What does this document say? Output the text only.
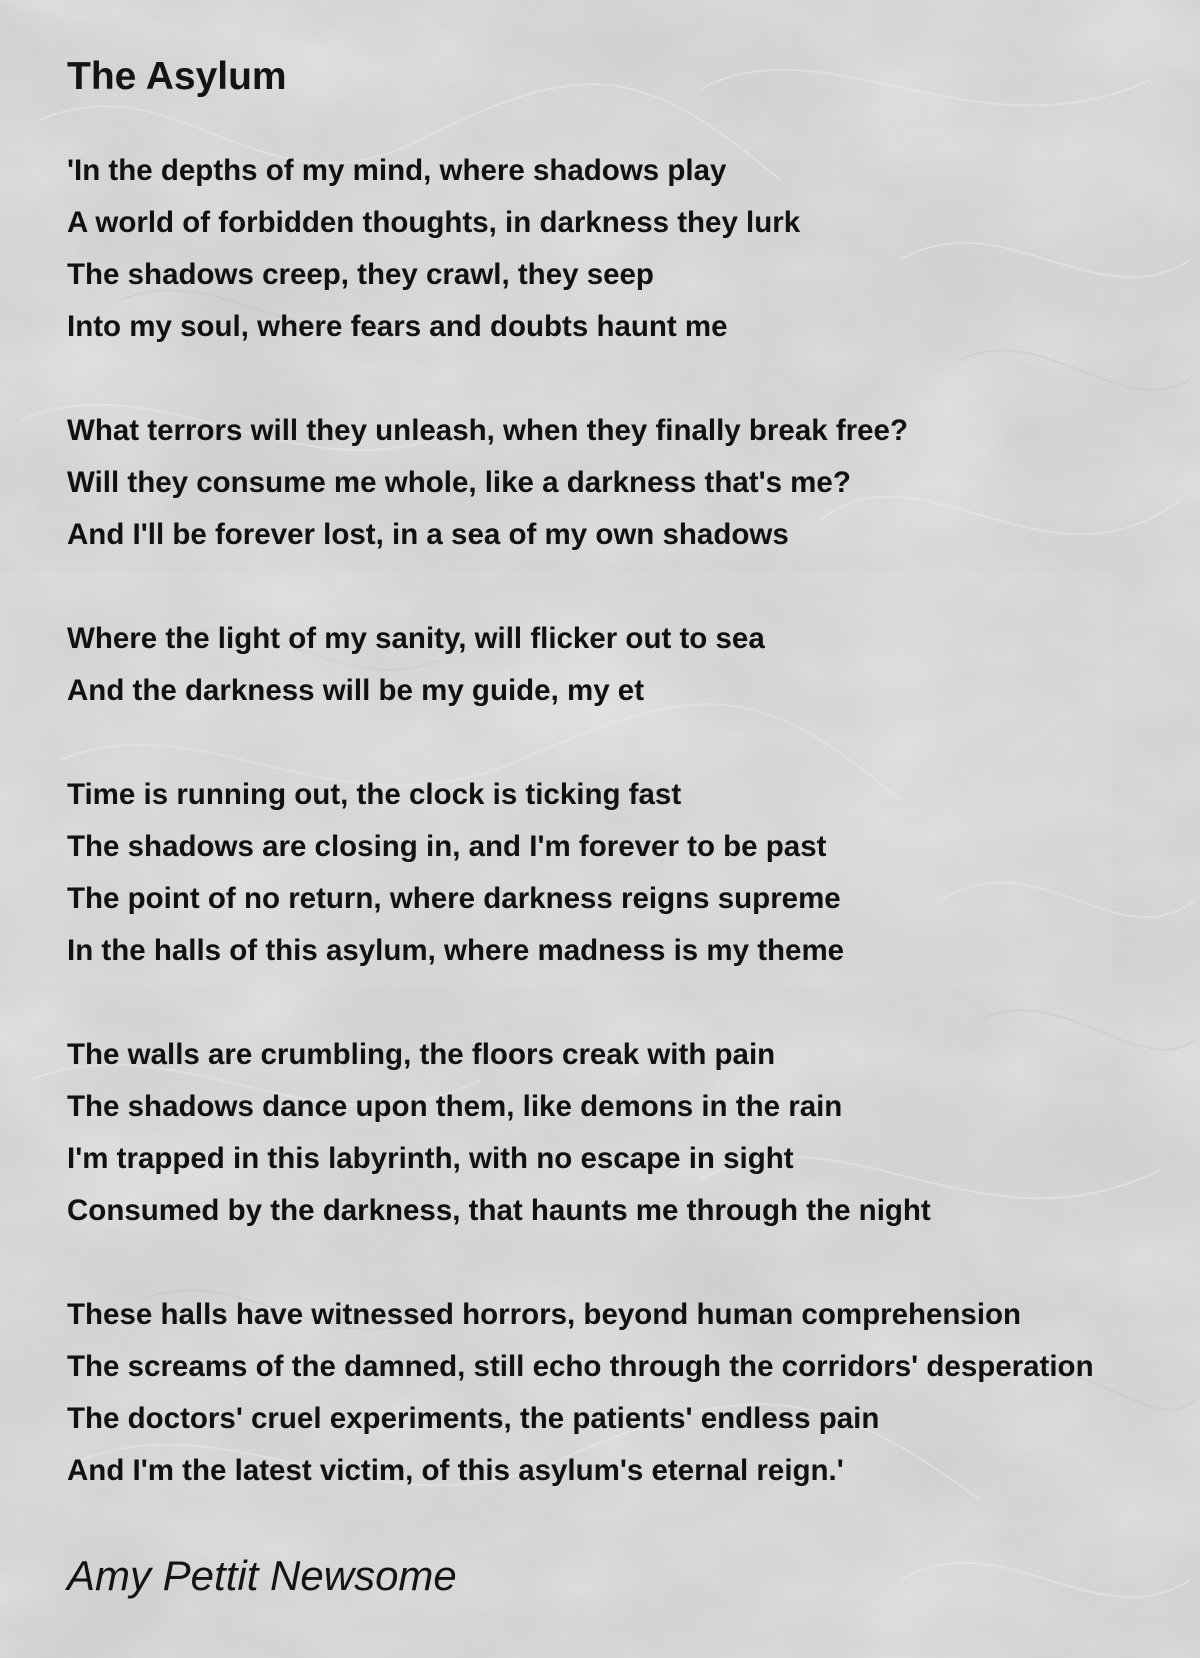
The Asylum
'In the depths of my mind, where shadows play
A world of forbidden thoughts, in darkness they lurk
The shadows creep, they crawl, they seep
Into my soul, where fears and doubts haunt me
What terrors will they unleash, when they finally break free?
Will they consume me whole, like a darkness that's me?
And I'll be forever lost, in a sea of my own shadows
Where the light of my sanity, will flicker out to sea
And the darkness will be my guide, my et
Time is running out, the clock is ticking fast
The shadows are closing in, and I'm forever to be past
The point of no return, where darkness reigns supreme
In the halls of this asylum, where madness is my theme
The walls are crumbling, the floors creak with pain
The shadows dance upon them, like demons in the rain
I'm trapped in this labyrinth, with no escape in sight
Consumed by the darkness, that haunts me through the night
These halls have witnessed horrors, beyond human comprehension
The screams of the damned, still echo through the corridors' desperation
The doctors' cruel experiments, the patients' endless pain
And I'm the latest victim, of this asylum's eternal reign.'
Amy Pettit Newsome
